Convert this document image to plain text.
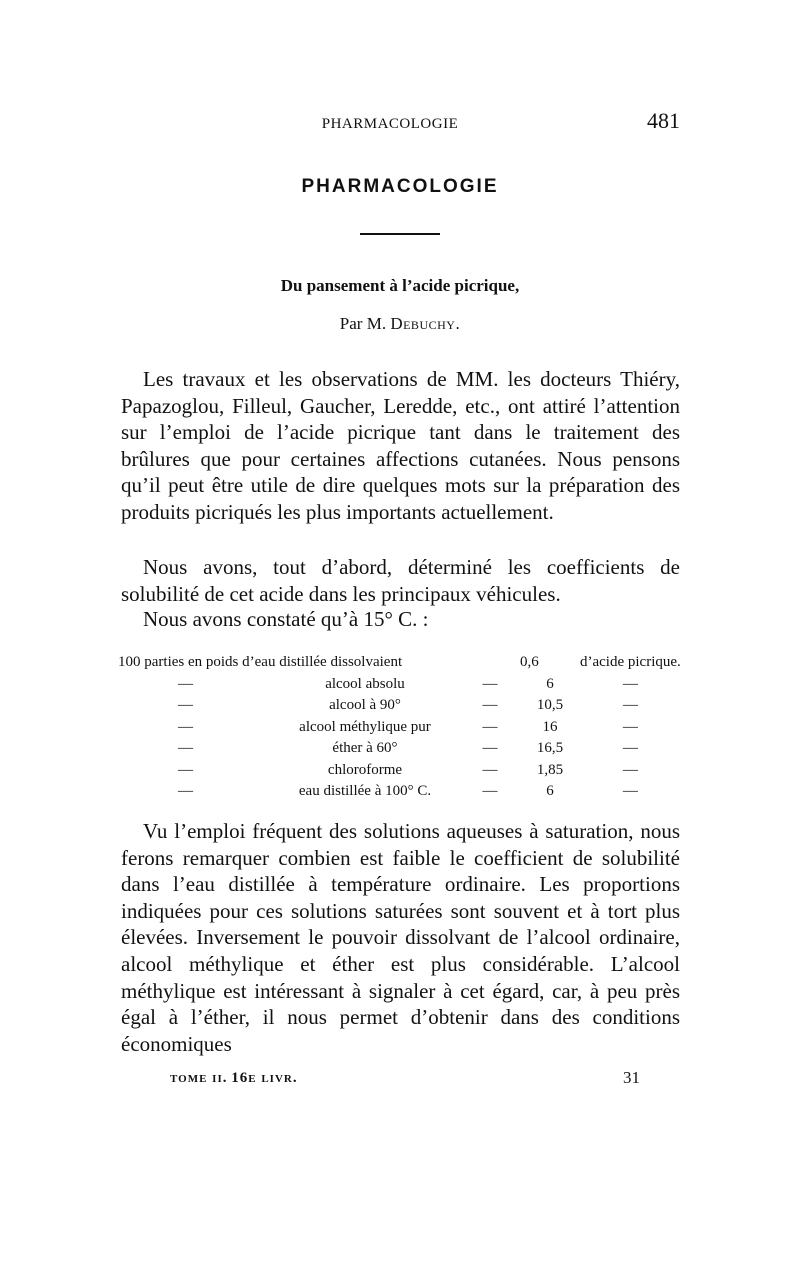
PHARMACOLOGIE	481
PHARMACOLOGIE
Du pansement à l’acide picrique,
Par M. Debuchy.

Les travaux et les observations de MM. les docteurs Thiéry, Papazoglou, Filleul, Gaucher, Leredde, etc., ont attiré l’attention sur l’emploi de l’acide picrique tant dans le traitement des brûlures que pour certaines affections cutanées. Nous pensons qu’il peut être utile de dire quelques mots sur la préparation des produits picriqués les plus importants actuellement.

Nous avons, tout d’abord, déterminé les coefficients de solubilité de cet acide dans les principaux véhicules.

Nous avons constaté qu’à 15° C. :

100 parties en poids d’eau distillée dissolvaient			0,6	d’acide picrique.
—	alcool absolu	—	6	—
—	alcool à 90°	—	10,5	—
—	alcool méthylique pur	—	16	—
—	éther à 60°	—	16,5	—
—	chloroforme	—	1,85	—
—	eau distillée à 100° C.	—	6	—

Vu l’emploi fréquent des solutions aqueuses à saturation, nous ferons remarquer combien est faible le coefficient de solubilité dans l’eau distillée à température ordinaire. Les proportions indiquées pour ces solutions saturées sont souvent et à tort plus élevées. Inversement le pouvoir dissolvant de l’alcool ordinaire, alcool méthylique et éther est plus considérable. L’alcool méthylique est intéressant à signaler à cet égard, car, à peu près égal à l’éther, il nous permet d’obtenir dans des conditions économiques

tome ii. 16e livr.	31
